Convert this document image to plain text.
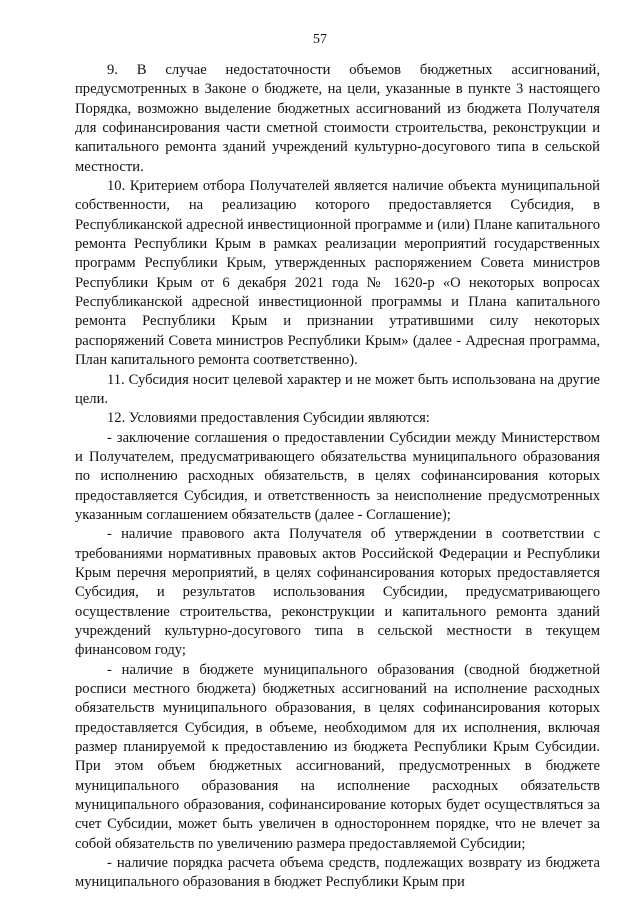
57

9. В случае недостаточности объемов бюджетных ассигнований, предусмотренных в Законе о бюджете, на цели, указанные в пункте 3 настоящего Порядка, возможно выделение бюджетных ассигнований из бюджета Получателя для софинансирования части сметной стоимости строительства, реконструкции и капитального ремонта зданий учреждений культурно-досугового типа в сельской местности.

10. Критерием отбора Получателей является наличие объекта муниципальной собственности, на реализацию которого предоставляется Субсидия, в Республиканской адресной инвестиционной программе и (или) Плане капитального ремонта Республики Крым в рамках реализации мероприятий государственных программ Республики Крым, утвержденных распоряжением Совета министров Республики Крым от 6 декабря 2021 года № 1620-р «О некоторых вопросах Республиканской адресной инвестиционной программы и Плана капитального ремонта Республики Крым и признании утратившими силу некоторых распоряжений Совета министров Республики Крым» (далее - Адресная программа, План капитального ремонта соответственно).

11. Субсидия носит целевой характер и не может быть использована на другие цели.

12. Условиями предоставления Субсидии являются:

- заключение соглашения о предоставлении Субсидии между Министерством и Получателем, предусматривающего обязательства муниципального образования по исполнению расходных обязательств, в целях софинансирования которых предоставляется Субсидия, и ответственность за неисполнение предусмотренных указанным соглашением обязательств (далее - Соглашение);

- наличие правового акта Получателя об утверждении в соответствии с требованиями нормативных правовых актов Российской Федерации и Республики Крым перечня мероприятий, в целях софинансирования которых предоставляется Субсидия, и результатов использования Субсидии, предусматривающего осуществление строительства, реконструкции и капитального ремонта зданий учреждений культурно-досугового типа в сельской местности в текущем финансовом году;

- наличие в бюджете муниципального образования (сводной бюджетной росписи местного бюджета) бюджетных ассигнований на исполнение расходных обязательств муниципального образования, в целях софинансирования которых предоставляется Субсидия, в объеме, необходимом для их исполнения, включая размер планируемой к предоставлению из бюджета Республики Крым Субсидии. При этом объем бюджетных ассигнований, предусмотренных в бюджете муниципального образования на исполнение расходных обязательств муниципального образования, софинансирование которых будет осуществляться за счет Субсидии, может быть увеличен в одностороннем порядке, что не влечет за собой обязательств по увеличению размера предоставляемой Субсидии;

- наличие порядка расчета объема средств, подлежащих возврату из бюджета муниципального образования в бюджет Республики Крым при
